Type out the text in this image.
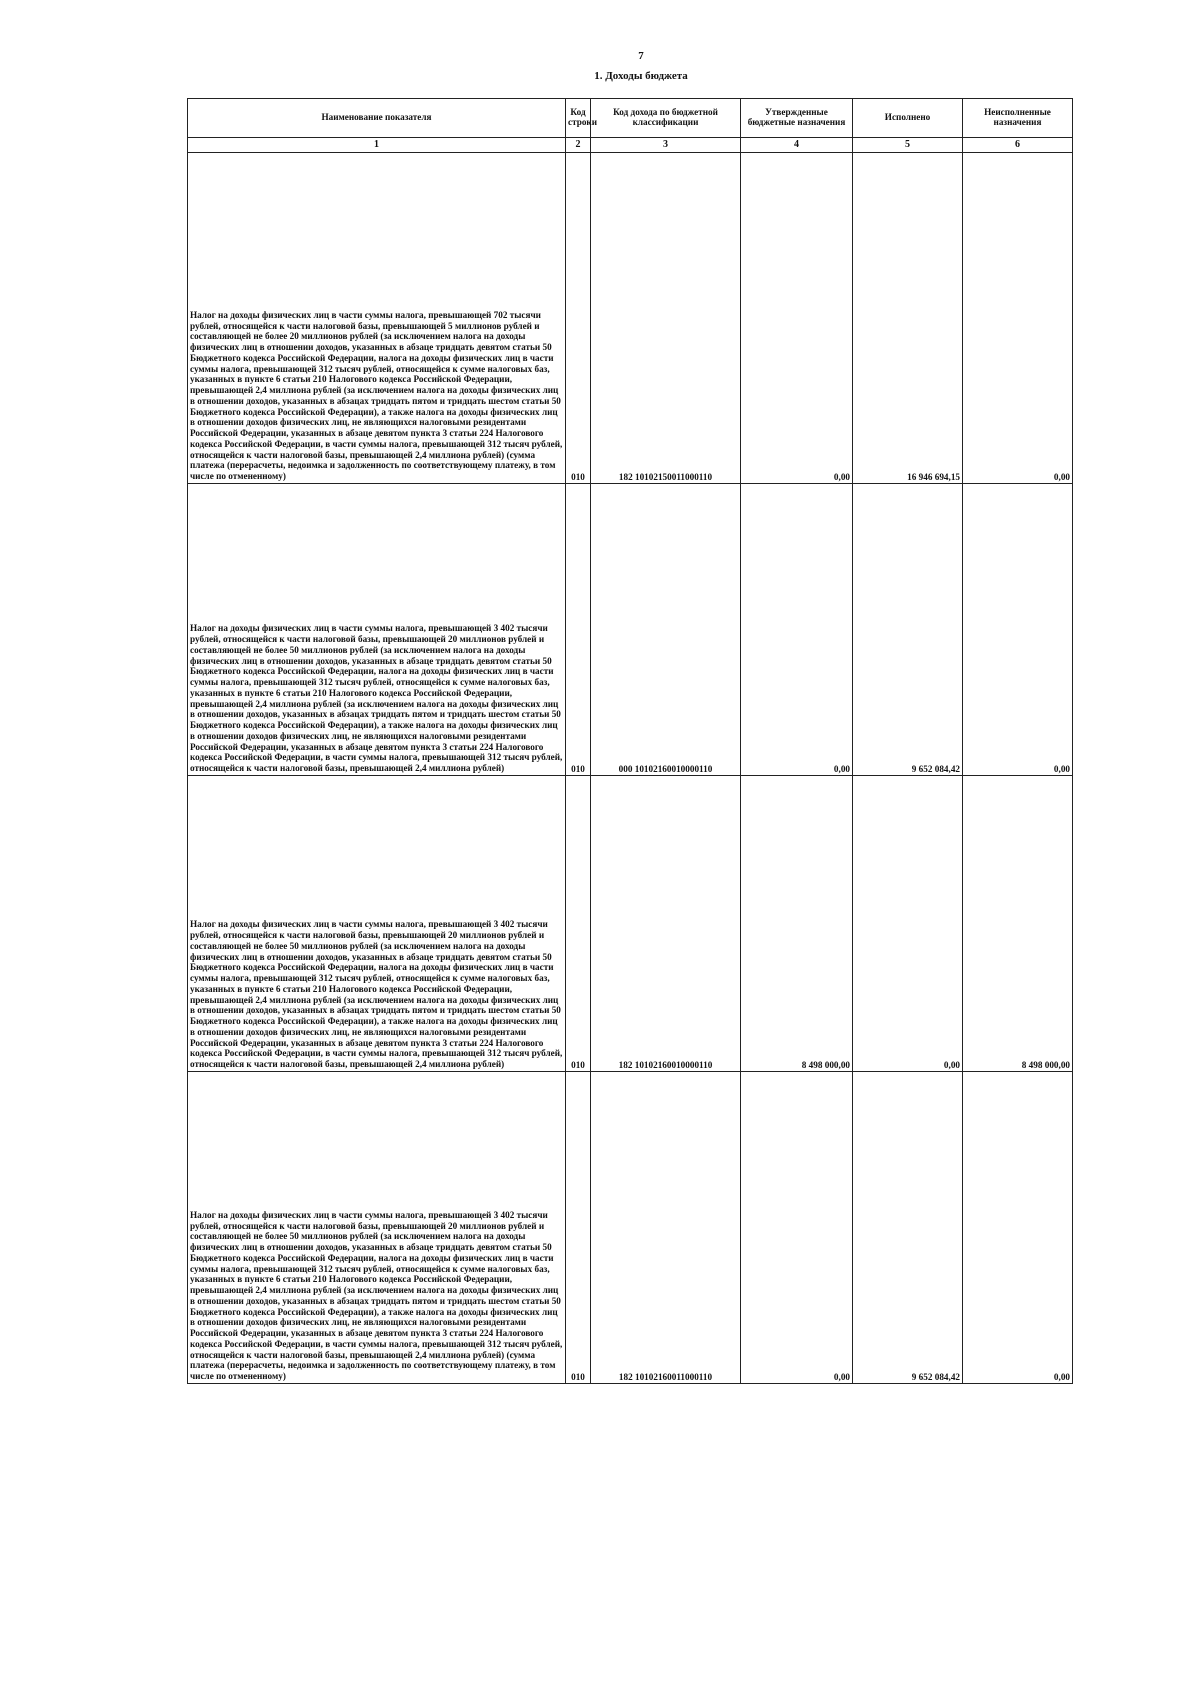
7
1. Доходы бюджета
Наименование показателя	Код строки	Код дохода по бюджетной классификации	Утвержденные бюджетные назначения	Исполнено	Неисполненные назначения
1	2	3	4	5	6
Налог на доходы физических лиц в части суммы налога, превышающей 702 тысячи рублей, относящейся к части налоговой базы, превышающей 5 миллионов рублей и составляющей не более 20 миллионов рублей (за исключением налога на доходы физических лиц в отношении доходов, указанных в абзаце тридцать девятом статьи 50 Бюджетного кодекса Российской Федерации, налога на доходы физических лиц в части суммы налога, превышающей 312 тысяч рублей, относящейся к сумме налоговых баз, указанных в пункте 6 статьи 210 Налогового кодекса Российской Федерации, превышающей 2,4 миллиона рублей (за исключением налога на доходы физических лиц в отношении доходов, указанных в абзацах тридцать пятом и тридцать шестом статьи 50 Бюджетного кодекса Российской Федерации), а также налога на доходы физических лиц в отношении доходов физических лиц, не являющихся налоговыми резидентами Российской Федерации, указанных в абзаце девятом пункта 3 статьи 224 Налогового кодекса Российской Федерации, в части суммы налога, превышающей 312 тысяч рублей, относящейся к части налоговой базы, превышающей 2,4 миллиона рублей) (сумма платежа (перерасчеты, недоимка и задолженность по соответствующему платежу, в том числе по отмененному)	010	182 10102150011000110	0,00	16 946 694,15	0,00
Налог на доходы физических лиц в части суммы налога, превышающей 3 402 тысячи рублей, относящейся к части налоговой базы, превышающей 20 миллионов рублей и составляющей не более 50 миллионов рублей (за исключением налога на доходы физических лиц в отношении доходов, указанных в абзаце тридцать девятом статьи 50 Бюджетного кодекса Российской Федерации, налога на доходы физических лиц в части суммы налога, превышающей 312 тысяч рублей, относящейся к сумме налоговых баз, указанных в пункте 6 статьи 210 Налогового кодекса Российской Федерации, превышающей 2,4 миллиона рублей (за исключением налога на доходы физических лиц в отношении доходов, указанных в абзацах тридцать пятом и тридцать шестом статьи 50 Бюджетного кодекса Российской Федерации), а также налога на доходы физических лиц в отношении доходов физических лиц, не являющихся налоговыми резидентами Российской Федерации, указанных в абзаце девятом пункта 3 статьи 224 Налогового кодекса Российской Федерации, в части суммы налога, превышающей 312 тысяч рублей, относящейся к части налоговой базы, превышающей 2,4 миллиона рублей)	010	000 10102160010000110	0,00	9 652 084,42	0,00
Налог на доходы физических лиц в части суммы налога, превышающей 3 402 тысячи рублей, относящейся к части налоговой базы, превышающей 20 миллионов рублей и составляющей не более 50 миллионов рублей (за исключением налога на доходы физических лиц в отношении доходов, указанных в абзаце тридцать девятом статьи 50 Бюджетного кодекса Российской Федерации, налога на доходы физических лиц в части суммы налога, превышающей 312 тысяч рублей, относящейся к сумме налоговых баз, указанных в пункте 6 статьи 210 Налогового кодекса Российской Федерации, превышающей 2,4 миллиона рублей (за исключением налога на доходы физических лиц в отношении доходов, указанных в абзацах тридцать пятом и тридцать шестом статьи 50 Бюджетного кодекса Российской Федерации), а также налога на доходы физических лиц в отношении доходов физических лиц, не являющихся налоговыми резидентами Российской Федерации, указанных в абзаце девятом пункта 3 статьи 224 Налогового кодекса Российской Федерации, в части суммы налога, превышающей 312 тысяч рублей, относящейся к части налоговой базы, превышающей 2,4 миллиона рублей)	010	182 10102160010000110	8 498 000,00	0,00	8 498 000,00
Налог на доходы физических лиц в части суммы налога, превышающей 3 402 тысячи рублей, относящейся к части налоговой базы, превышающей 20 миллионов рублей и составляющей не более 50 миллионов рублей (за исключением налога на доходы физических лиц в отношении доходов, указанных в абзаце тридцать девятом статьи 50 Бюджетного кодекса Российской Федерации, налога на доходы физических лиц в части суммы налога, превышающей 312 тысяч рублей, относящейся к сумме налоговых баз, указанных в пункте 6 статьи 210 Налогового кодекса Российской Федерации, превышающей 2,4 миллиона рублей (за исключением налога на доходы физических лиц в отношении доходов, указанных в абзацах тридцать пятом и тридцать шестом статьи 50 Бюджетного кодекса Российской Федерации), а также налога на доходы физических лиц в отношении доходов физических лиц, не являющихся налоговыми резидентами Российской Федерации, указанных в абзаце девятом пункта 3 статьи 224 Налогового кодекса Российской Федерации, в части суммы налога, превышающей 312 тысяч рублей, относящейся к части налоговой базы, превышающей 2,4 миллиона рублей) (сумма платежа (перерасчеты, недоимка и задолженность по соответствующему платежу, в том числе по отмененному)	010	182 10102160011000110	0,00	9 652 084,42	0,00
